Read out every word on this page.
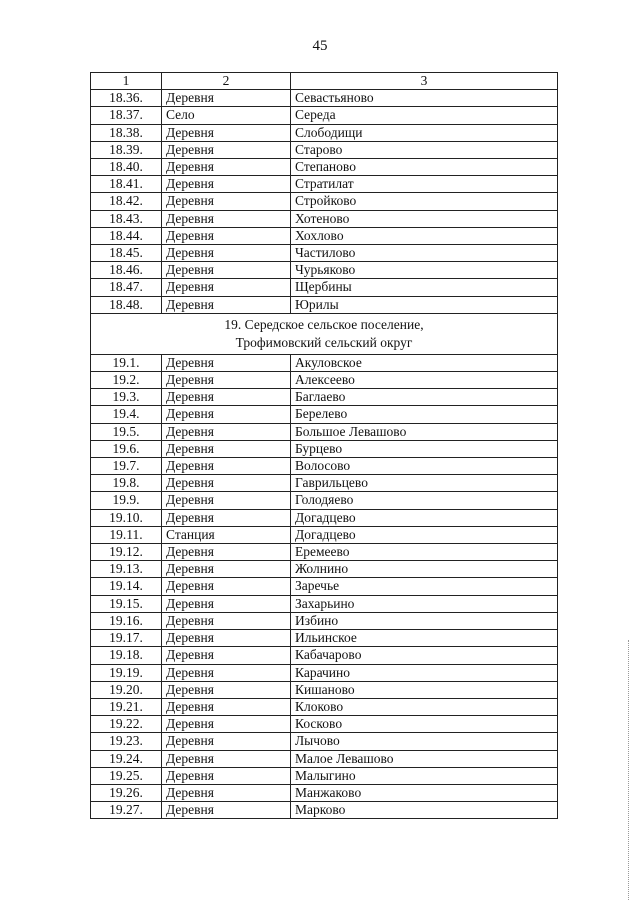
45
1	2	3
18.36.	Деревня	Севастьяново
18.37.	Село	Середа
18.38.	Деревня	Слободищи
18.39.	Деревня	Старово
18.40.	Деревня	Степаново
18.41.	Деревня	Стратилат
18.42.	Деревня	Стройково
18.43.	Деревня	Хотеново
18.44.	Деревня	Хохлово
18.45.	Деревня	Частилово
18.46.	Деревня	Чурьяково
18.47.	Деревня	Щербины
18.48.	Деревня	Юрилы

19. Середское сельское поселение,
Трофимовский сельский округ		

19.1.	Деревня	Акуловское
19.2.	Деревня	Алексеево
19.3.	Деревня	Баглаево
19.4.	Деревня	Берелево
19.5.	Деревня	Большое Левашово
19.6.	Деревня	Бурцево
19.7.	Деревня	Волосово
19.8.	Деревня	Гаврильцево
19.9.	Деревня	Голодяево
19.10.	Деревня	Догадцево
19.11.	Станция	Догадцево
19.12.	Деревня	Еремеево
19.13.	Деревня	Жолнино
19.14.	Деревня	Заречье
19.15.	Деревня	Захарьино
19.16.	Деревня	Избино
19.17.	Деревня	Ильинское
19.18.	Деревня	Кабачарово
19.19.	Деревня	Карачино
19.20.	Деревня	Кишаново
19.21.	Деревня	Клоково
19.22.	Деревня	Косково
19.23.	Деревня	Лычово
19.24.	Деревня	Малое Левашово
19.25.	Деревня	Малыгино
19.26.	Деревня	Манжаково
19.27.	Деревня	Марково
